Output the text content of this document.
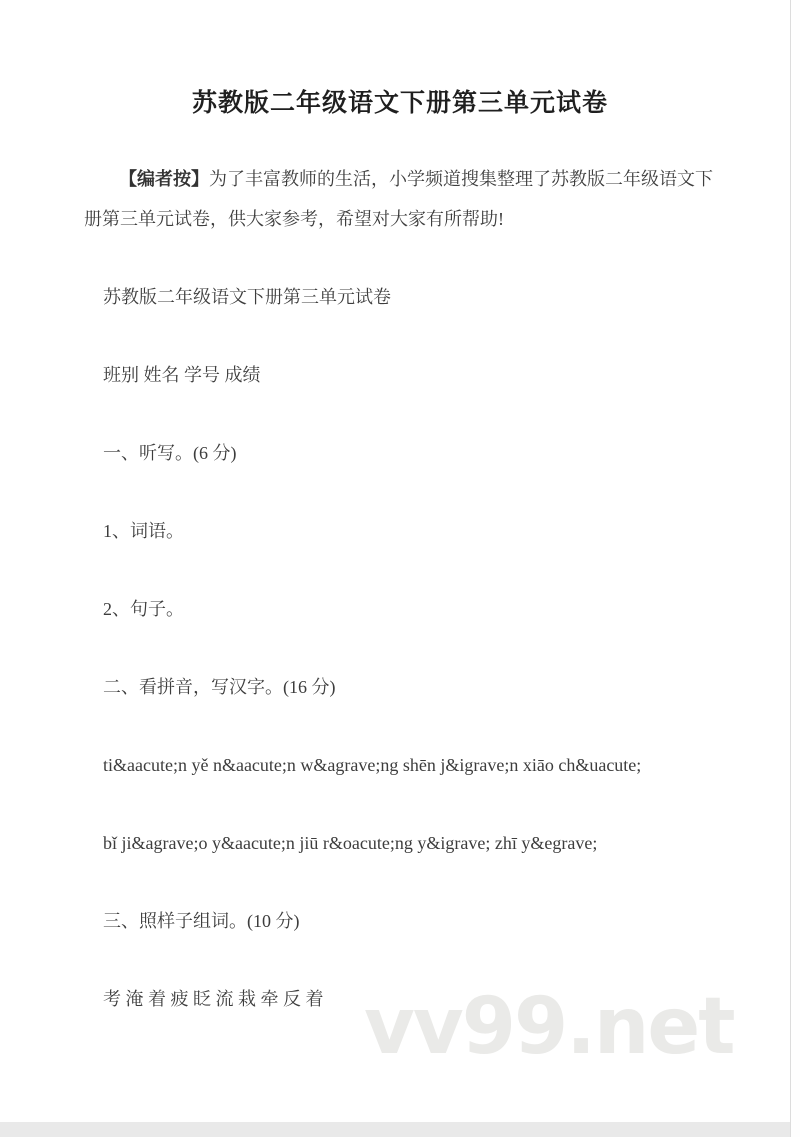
苏教版二年级语文下册第三单元试卷

【编者按】为了丰富教师的生活，小学频道搜集整理了苏教版二年级语文下册第三单元试卷，供大家参考，希望对大家有所帮助!

苏教版二年级语文下册第三单元试卷

班别 姓名 学号 成绩

一、听写。(6 分)

1、词语。

2、句子。

二、看拼音，写汉字。(16 分)

ti&aacute;n yě n&aacute;n w&agrave;ng shēn j&igrave;n xiāo ch&uacute;

bǐ ji&agrave;o y&aacute;n jiū r&oacute;ng y&igrave; zhī y&egrave;

三、照样子组词。(10 分)

考 淹 着 疲 眨 流 栽 牵 反 着 vv99.net
